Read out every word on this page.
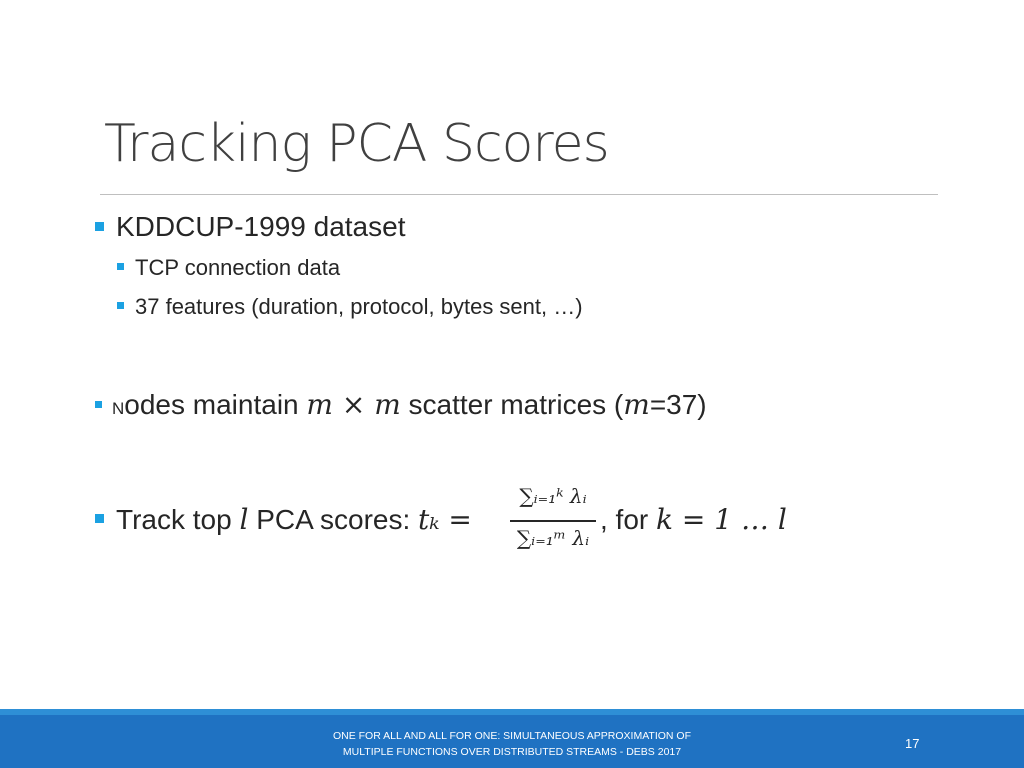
Tracking PCA Scores
KDDCUP-1999 dataset
TCP connection data
37 features (duration, protocol, bytes sent, …)
Nodes maintain m × m scatter matrices (m=37)
Track top l PCA scores: tₖ =
∑ᵢ₌₁ᵏ λᵢ
∑ᵢ₌₁ᵐ λᵢ
, for k = 1 … l
ONE FOR ALL AND ALL FOR ONE: SIMULTANEOUS APPROXIMATION OF
MULTIPLE FUNCTIONS OVER DISTRIBUTED STREAMS - DEBS 2017
17
